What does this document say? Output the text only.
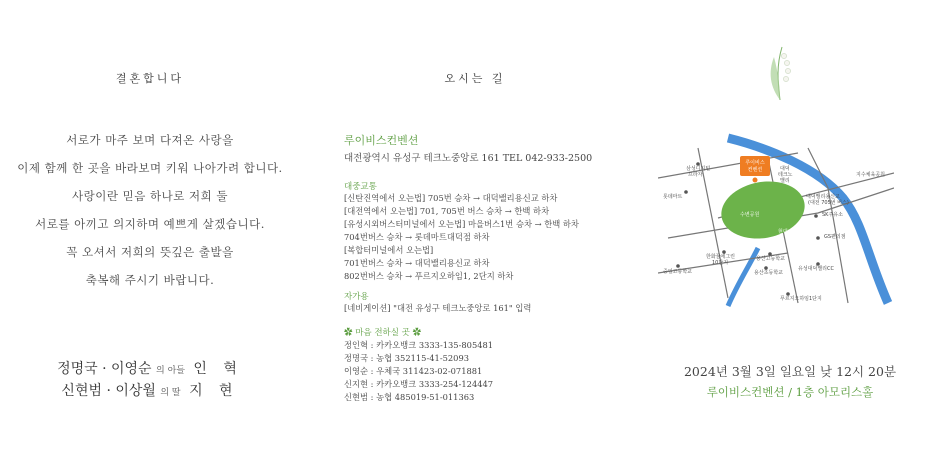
결혼합니다
서로가 마주 보며 다져온 사랑을
이제 함께 한 곳을 바라보며 키워 나아가려 합니다.
사랑이란 믿음 하나로 저희 둘
서로를 아끼고 의지하며 예쁘게 살겠습니다.
꼭 오셔서 저희의 뜻깊은 출발을
축복해 주시기 바랍니다.
정명국 · 이영순 의 아들 인 혁
신현범 · 이상월 의 딸 지 현
오시는 길
루이비스컨벤션
대전광역시 유성구 테크노중앙로 161 TEL 042-933-2500
대중교통
[신탄진역에서 오는법] 705번 승차 → 대덕밸리용신교 하차
[대전역에서 오는법] 701, 705번 버스 승차 → 한백 하차
[유성시외버스터미널에서 오는법] 마을버스1번 승차 → 한백 하차
704번버스 승차 → 롯데마트대덕점 하차
[복합터미널에서 오는법]
701번버스 승차 → 대덕밸리용신교 하차
802번버스 승차 → 푸르지오하임1, 2단지 하차
자가용
[네비게이션] "대전 유성구 테크노중앙로 161" 입력
✿ 마음 전하실 곳 ✿
정인혁 : 카카오뱅크 3333-135-805481
정명국 : 농협 352115-41-52093
이영순 : 우체국 311423-02-071881
신지현 : 카카오뱅크 3333-254-124447
신현범 : 농협 485019-51-011363
루이비스
컨벤션
삼성디지털
프라자
롯데마트
대덕
테크노
밸리
대덕밸리용신교
(대전 705번 버스)
지수체육공원
SK주유소
GS편의점
수변공원
현대아울렛
한화꿈에그린
10단지
용산고등학교
용산초등학교
유성대덕밸리CC
중일고등학교
푸르지오하임1단지
2024년 3월 3일 일요일 낮 12시 20분
루이비스컨벤션 / 1층 아모리스홀
